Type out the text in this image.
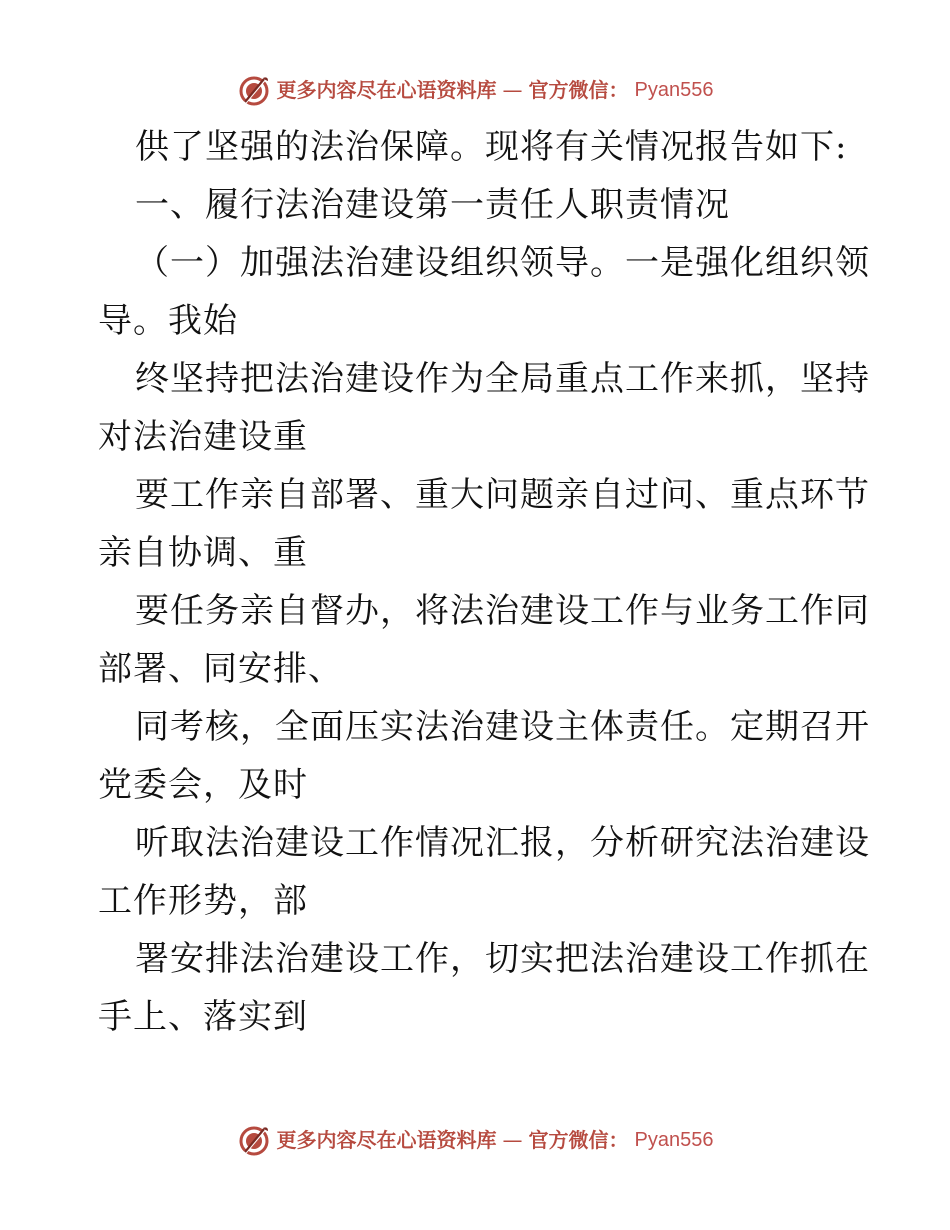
更多内容尽在心语资料库 — 官方微信： Pyan556
供了坚强的法治保障。现将有关情况报告如下:
一、履行法治建设第一责任人职责情况
（一）加强法治建设组织领导。一是强化组织领
导。我始
终坚持把法治建设作为全局重点工作来抓，坚持
对法治建设重
要工作亲自部署、重大问题亲自过问、重点环节
亲自协调、重
要任务亲自督办，将法治建设工作与业务工作同
部署、同安排、
同考核，全面压实法治建设主体责任。定期召开
党委会，及时
听取法治建设工作情况汇报，分析研究法治建设
工作形势，部
署安排法治建设工作，切实把法治建设工作抓在
手上、落实到
更多内容尽在心语资料库 — 官方微信： Pyan556
